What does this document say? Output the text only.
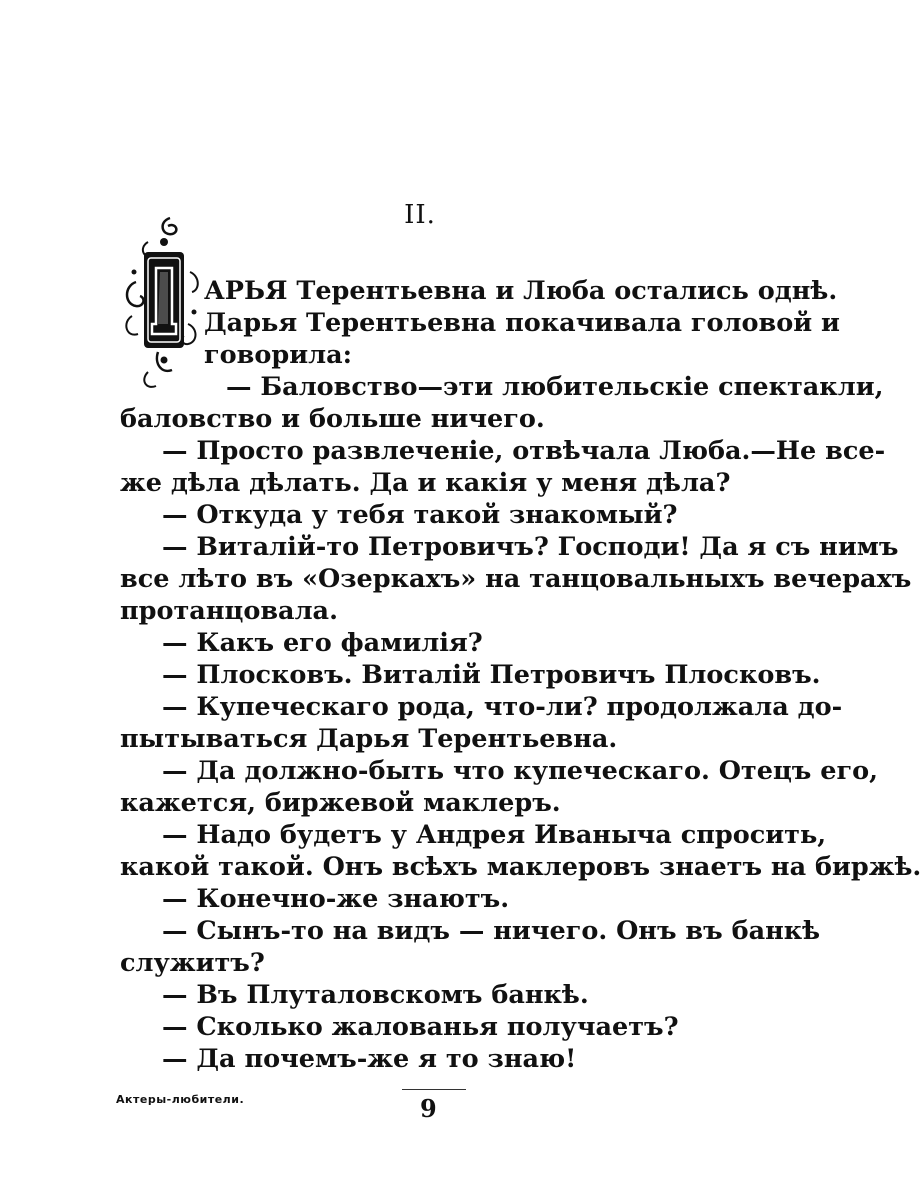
II.
АРЬЯ Терентьевна и Люба остались однѣ.
Дарья Терентьевна покачивала головой и
говорила:
— Баловство—эти любительскіе спектакли,
баловство и больше ничего.
— Просто развлеченіе, отвѣчала Люба.—Не все-
же дѣла дѣлать. Да и какія у меня дѣла?
— Откуда у тебя такой знакомый?
— Виталій-то Петровичъ? Господи! Да я съ нимъ
все лѣто въ «Озеркахъ» на танцовальныхъ вечерахъ
протанцовала.
— Какъ его фамилія?
— Плосковъ. Виталій Петровичъ Плосковъ.
— Купеческаго рода, что-ли? продолжала до-
пытываться Дарья Терентьевна.
— Да должно-быть что купеческаго. Отецъ его,
кажется, биржевой маклеръ.
— Надо будетъ у Андрея Иваныча спросить,
какой такой. Онъ всѣхъ маклеровъ знаетъ на биржѣ.
— Конечно-же знаютъ.
— Сынъ-то на видъ — ничего. Онъ въ банкѣ
служитъ?
— Въ Плуталовскомъ банкѣ.
— Сколько жалованья получаетъ?
— Да почемъ-же я то знаю!
Актеры-любители.	9
